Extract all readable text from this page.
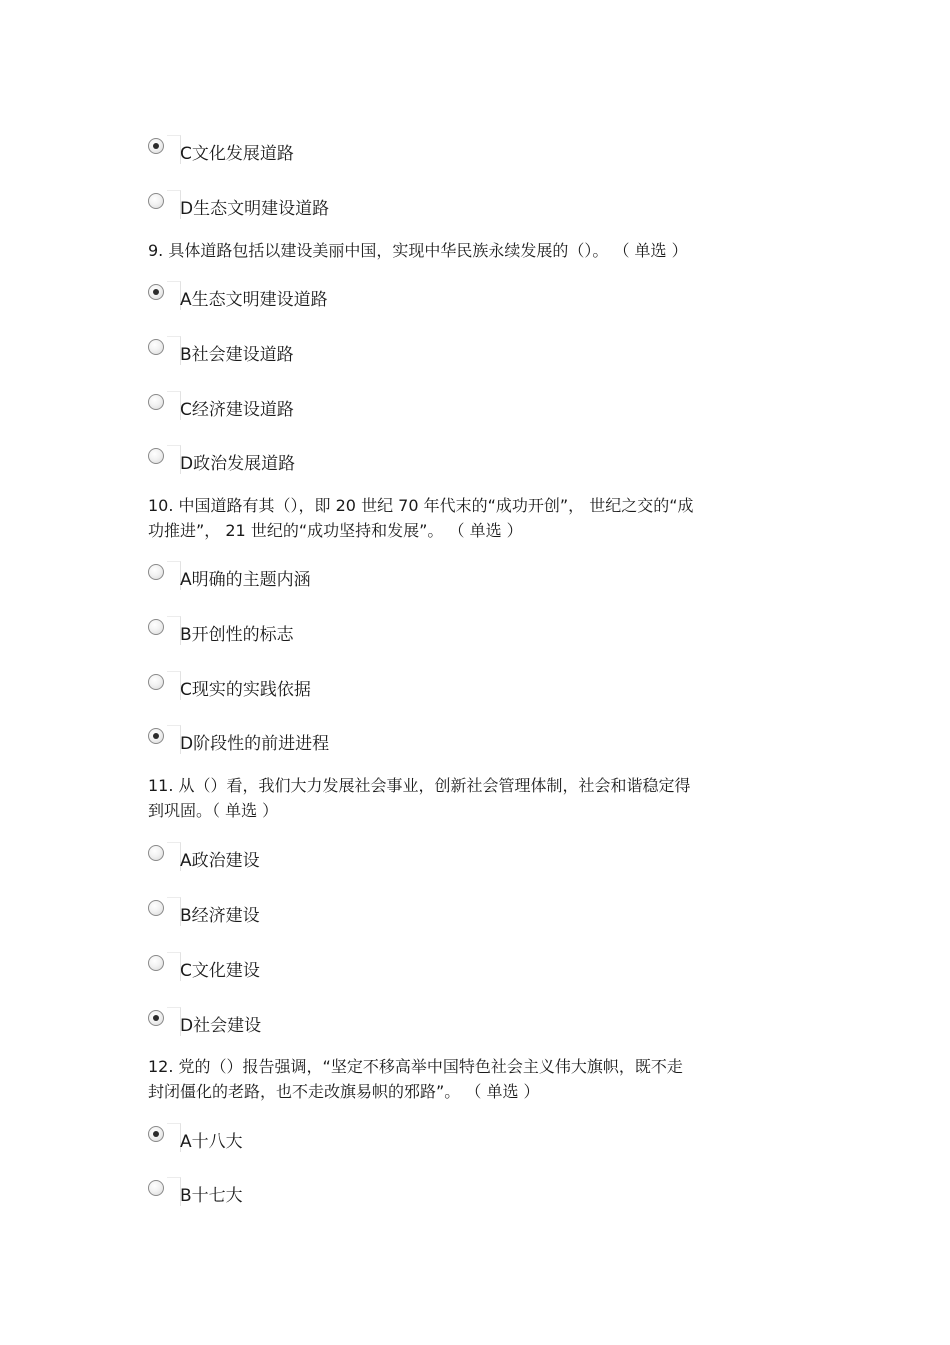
C文化发展道路
D生态文明建设道路
9. 具体道路包括以建设美丽中国，实现中华民族永续发展的（）。 （ 单选 ）
A生态文明建设道路
B社会建设道路
C经济建设道路
D政治发展道路
10. 中国道路有其（），即 20 世纪 70 年代末的“成功开创”， 世纪之交的“成
功推进”， 21 世纪的“成功坚持和发展”。 （ 单选 ）
A明确的主题内涵
B开创性的标志
C现实的实践依据
D阶段性的前进进程
11. 从（）看，我们大力发展社会事业，创新社会管理体制，社会和谐稳定得
到巩固。（ 单选 ）
A政治建设
B经济建设
C文化建设
D社会建设
12. 党的（）报告强调，“坚定不移高举中国特色社会主义伟大旗帜，既不走
封闭僵化的老路，也不走改旗易帜的邪路”。 （ 单选 ）
A十八大
B十七大
